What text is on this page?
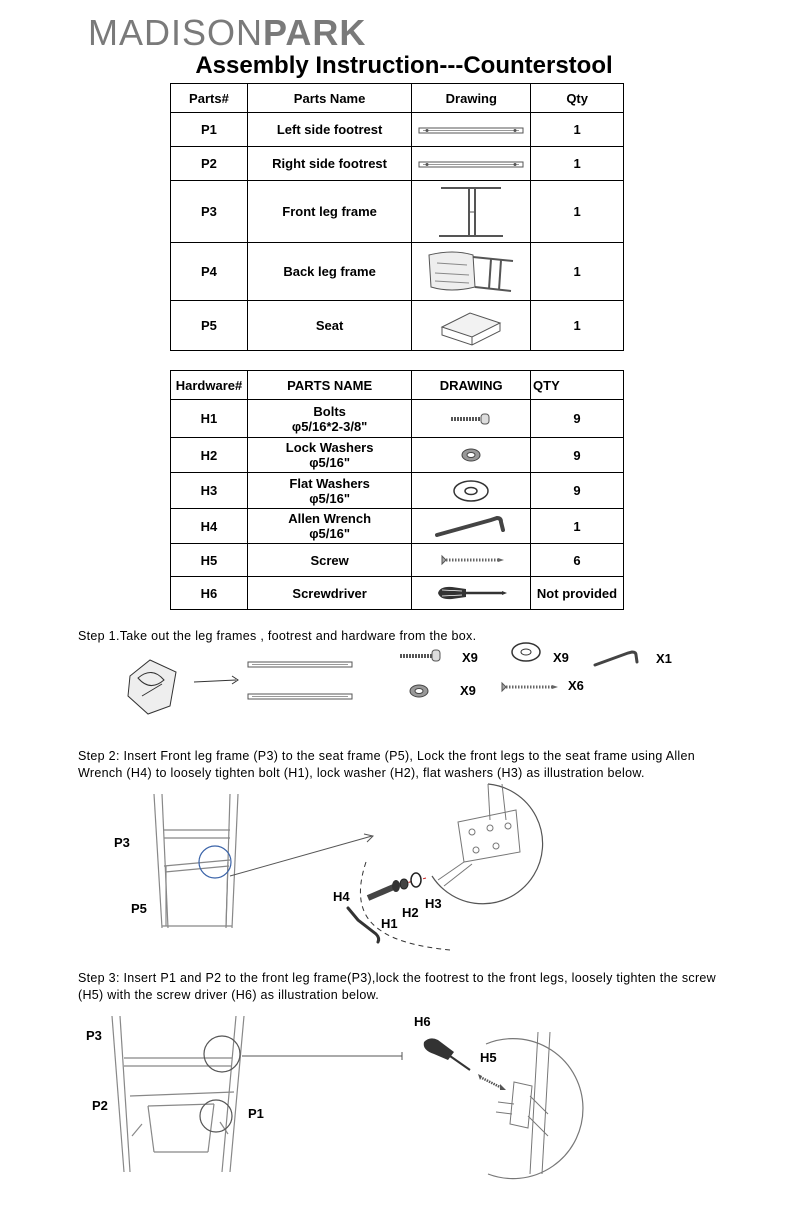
MADISONPARK
Assembly Instruction---Counterstool
Parts#	Parts Name	Drawing	Qty
P1	Left side footrest		1
P2	Right side footrest		1
P3	Front leg frame		1
P4	Back leg frame		1
P5	Seat		1
Hardware#	PARTS NAME	DRAWING	QTY
H1	Bolts
φ5/16*2-3/8"		9
H2	Lock Washers
φ5/16"		9
H3	Flat Washers
φ5/16"		9
H4	Allen Wrench
φ5/16"		1
H5	Screw		6
H6	Screwdriver		Not provided
Step 1.Take out the leg frames , footrest and hardware from the box.
X9	X9	X1
X9	X6
Step 2: Insert Front leg frame (P3) to the seat frame (P5), Lock the front legs to the seat frame using Allen Wrench (H4) to loosely tighten bolt (H1), lock washer (H2), flat washers (H3) as illustration below.
P3
P5
H4
H2
H3
H1
Step 3: Insert P1 and P2 to the front leg frame(P3),lock the footrest to the front legs, loosely tighten the screw (H5) with the screw driver (H6) as illustration below.
P3
P2
P1
H6
H5
